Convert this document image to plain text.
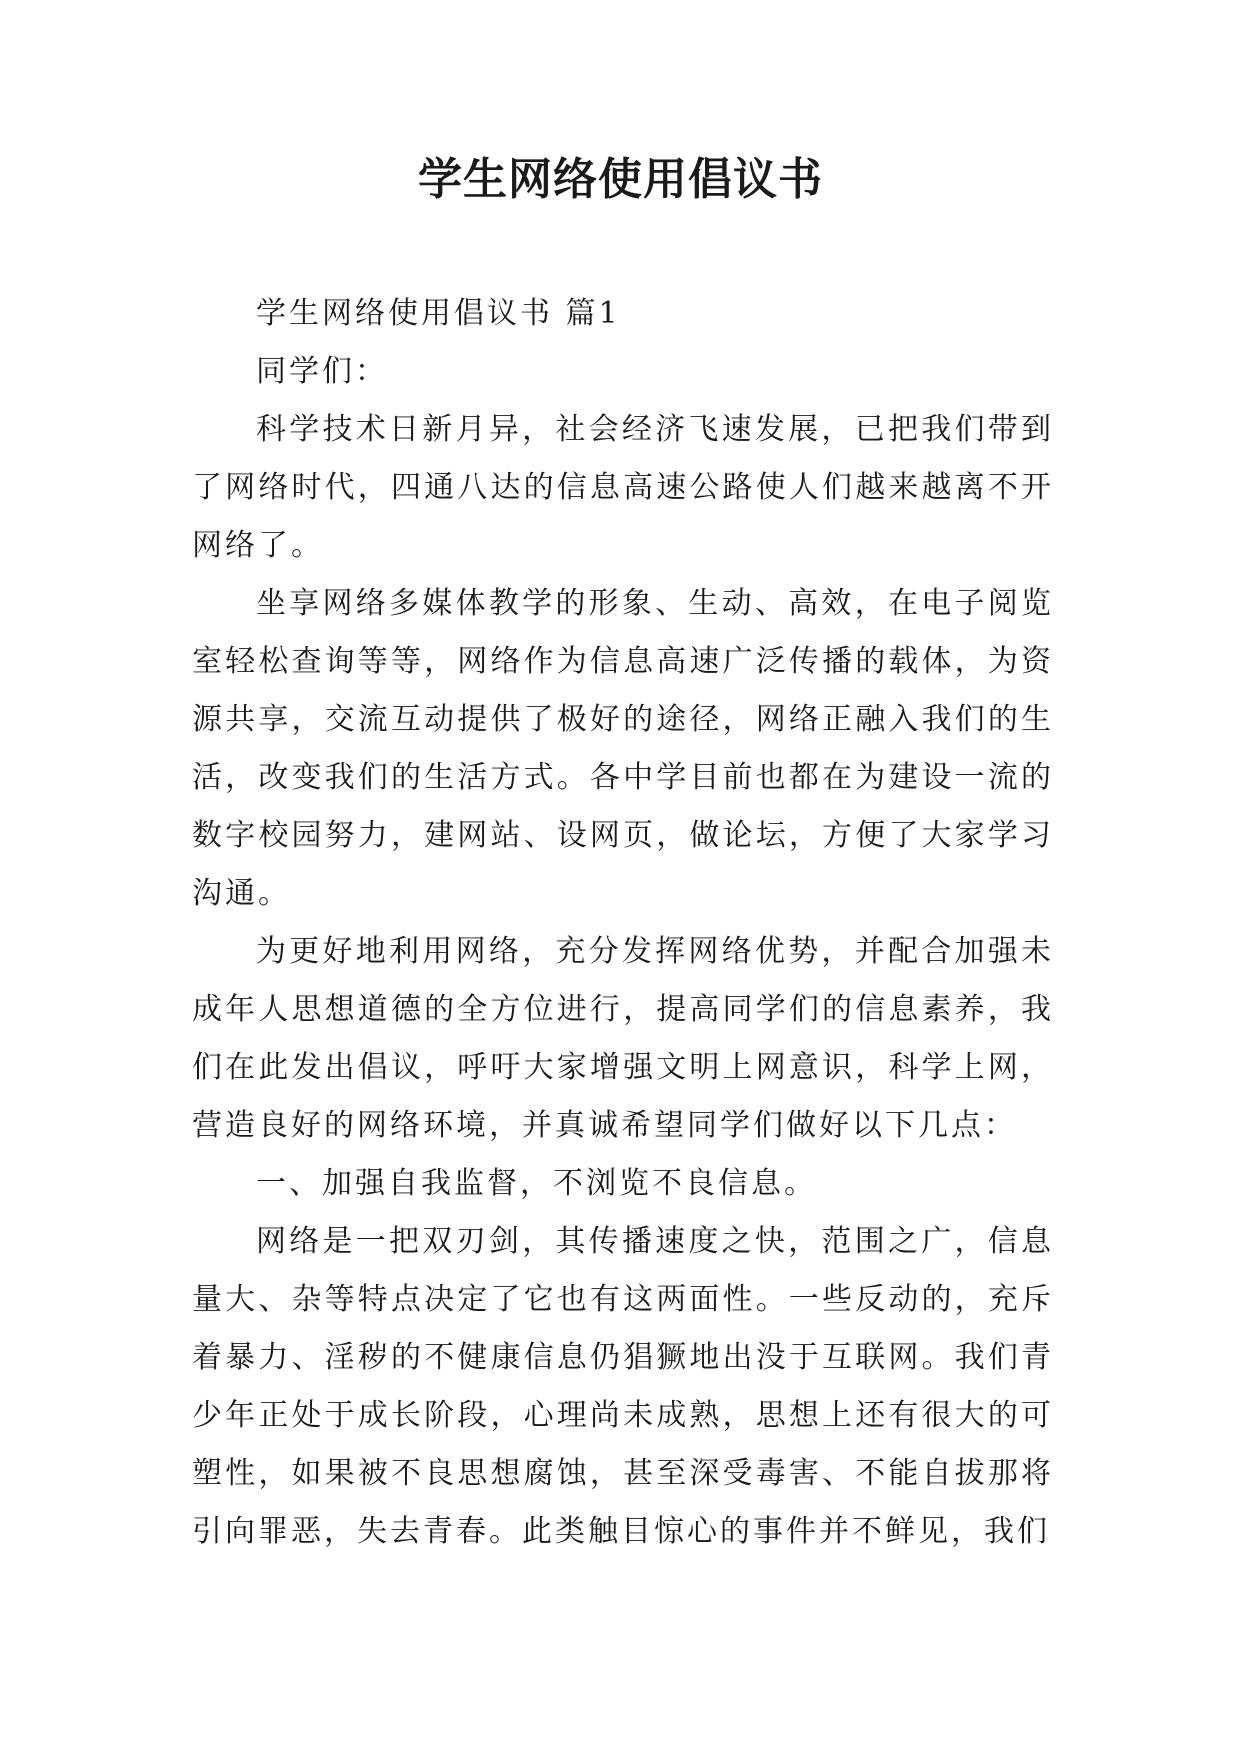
学生网络使用倡议书

学生网络使用倡议书 篇1

同学们：

科学技术日新月异，社会经济飞速发展，已把我们带到了网络时代，四通八达的信息高速公路使人们越来越离不开网络了。

坐享网络多媒体教学的形象、生动、高效，在电子阅览室轻松查询等等，网络作为信息高速广泛传播的载体，为资源共享，交流互动提供了极好的途径，网络正融入我们的生活，改变我们的生活方式。各中学目前也都在为建设一流的数字校园努力，建网站、设网页，做论坛，方便了大家学习沟通。

为更好地利用网络，充分发挥网络优势，并配合加强未成年人思想道德的全方位进行，提高同学们的信息素养，我们在此发出倡议，呼吁大家增强文明上网意识，科学上网，营造良好的网络环境，并真诚希望同学们做好以下几点：

一、加强自我监督，不浏览不良信息。

网络是一把双刃剑，其传播速度之快，范围之广，信息量大、杂等特点决定了它也有这两面性。一些反动的，充斥着暴力、淫秽的不健康信息仍猖獗地出没于互联网。我们青少年正处于成长阶段，心理尚未成熟，思想上还有很大的可塑性，如果被不良思想腐蚀，甚至深受毒害、不能自拔那将引向罪恶，失去青春。此类触目惊心的事件并不鲜见，我们
